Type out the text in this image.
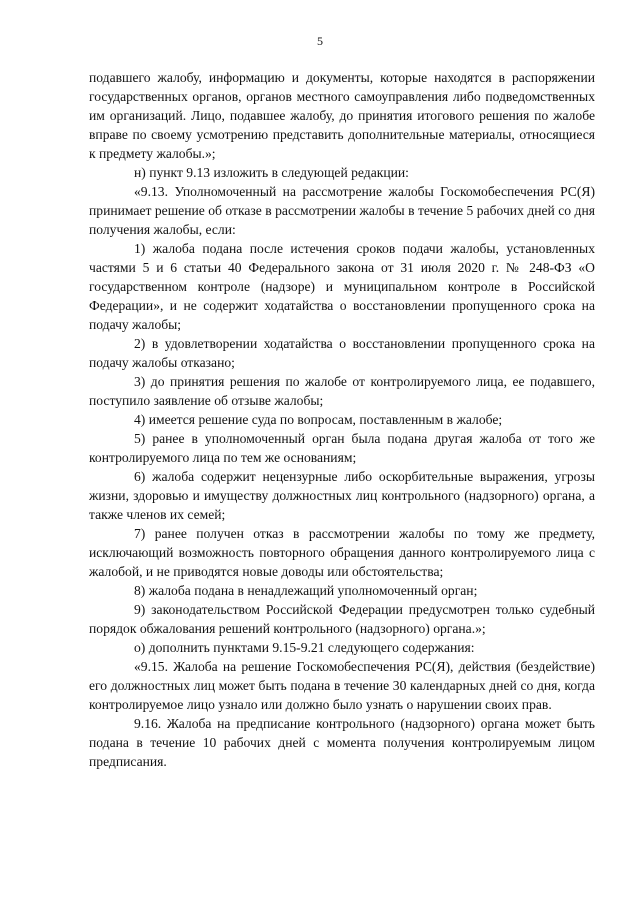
5

подавшего жалобу, информацию и документы, которые находятся в распоряжении государственных органов, органов местного самоуправления либо подведомственных им организаций. Лицо, подавшее жалобу, до принятия итогового решения по жалобе вправе по своему усмотрению представить дополнительные материалы, относящиеся к предмету жалобы.»;

н) пункт 9.13 изложить в следующей редакции:

«9.13. Уполномоченный на рассмотрение жалобы Госкомобеспечения РС(Я) принимает решение об отказе в рассмотрении жалобы в течение 5 рабочих дней со дня получения жалобы, если:

1) жалоба подана после истечения сроков подачи жалобы, установленных частями 5 и 6 статьи 40 Федерального закона от 31 июля 2020 г. № 248-ФЗ «О государственном контроле (надзоре) и муниципальном контроле в Российской Федерации», и не содержит ходатайства о восстановлении пропущенного срока на подачу жалобы;

2) в удовлетворении ходатайства о восстановлении пропущенного срока на подачу жалобы отказано;

3) до принятия решения по жалобе от контролируемого лица, ее подавшего, поступило заявление об отзыве жалобы;

4) имеется решение суда по вопросам, поставленным в жалобе;

5) ранее в уполномоченный орган была подана другая жалоба от того же контролируемого лица по тем же основаниям;

6) жалоба содержит нецензурные либо оскорбительные выражения, угрозы жизни, здоровью и имуществу должностных лиц контрольного (надзорного) органа, а также членов их семей;

7) ранее получен отказ в рассмотрении жалобы по тому же предмету, исключающий возможность повторного обращения данного контролируемого лица с жалобой, и не приводятся новые доводы или обстоятельства;

8) жалоба подана в ненадлежащий уполномоченный орган;

9) законодательством Российской Федерации предусмотрен только судебный порядок обжалования решений контрольного (надзорного) органа.»;

о) дополнить пунктами 9.15-9.21 следующего содержания:

«9.15. Жалоба на решение Госкомобеспечения РС(Я), действия (бездействие) его должностных лиц может быть подана в течение 30 календарных дней со дня, когда контролируемое лицо узнало или должно было узнать о нарушении своих прав.

9.16. Жалоба на предписание контрольного (надзорного) органа может быть подана в течение 10 рабочих дней с момента получения контролируемым лицом предписания.
